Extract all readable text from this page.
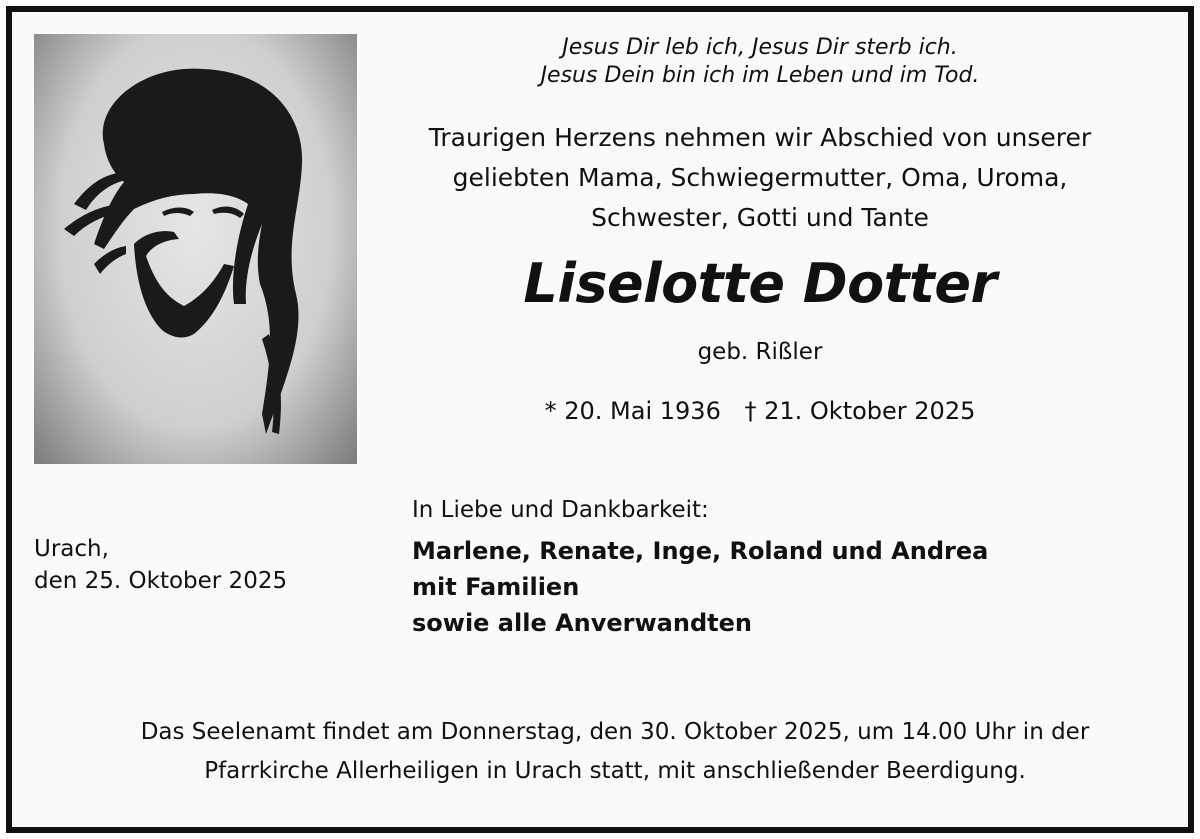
Jesus Dir leb ich, Jesus Dir sterb ich.
Jesus Dein bin ich im Leben und im Tod.
Traurigen Herzens nehmen wir Abschied von unserer
geliebten Mama, Schwiegermutter, Oma, Uroma,
Schwester, Gotti und Tante
Liselotte Dotter
geb. Rißler
* 20. Mai 1936 † 21. Oktober 2025
In Liebe und Dankbarkeit:
Marlene, Renate, Inge, Roland und Andrea
mit Familien
sowie alle Anverwandten
Urach,
den 25. Oktober 2025
Das Seelenamt findet am Donnerstag, den 30. Oktober 2025, um 14.00 Uhr in der
Pfarrkirche Allerheiligen in Urach statt, mit anschließender Beerdigung.
